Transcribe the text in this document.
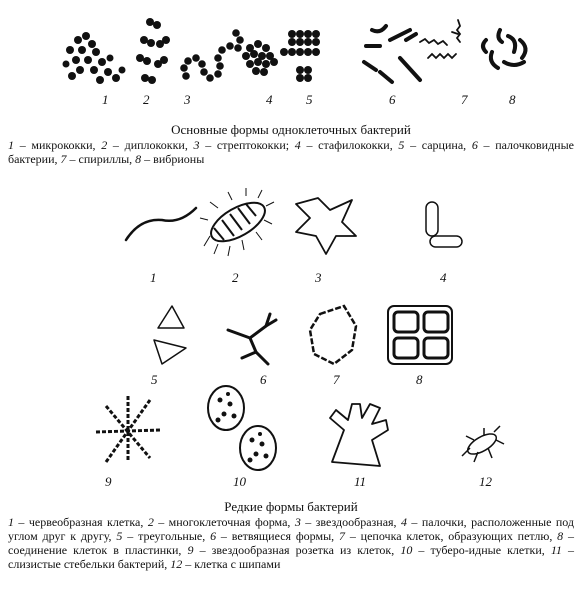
1	2	3	4	5	6	7	8
Основные формы одноклеточных бактерий
1 – микрококки, 2 – диплококки, 3 – стрептококки; 4 – стафилококки, 5 – сарцина, 6 – палочковидные бактерии, 7 – спириллы, 8 – вибрионы
1	2	3	4
5	6	7	8
9	10	11	12
Редкие формы бактерий
1 – червеобразная клетка, 2 – многоклеточная форма, 3 – звездообразная, 4 – палочки, расположенные под углом друг к другу, 5 – треугольные, 6 – ветвящиеся формы, 7 – цепочка клеток, образующих петлю, 8 – соединение клеток в пластинки, 9 – звездообразная розетка из клеток, 10 – туберо-идные клетки, 11 – слизистые стебельки бактерий, 12 – клетка с шипами
